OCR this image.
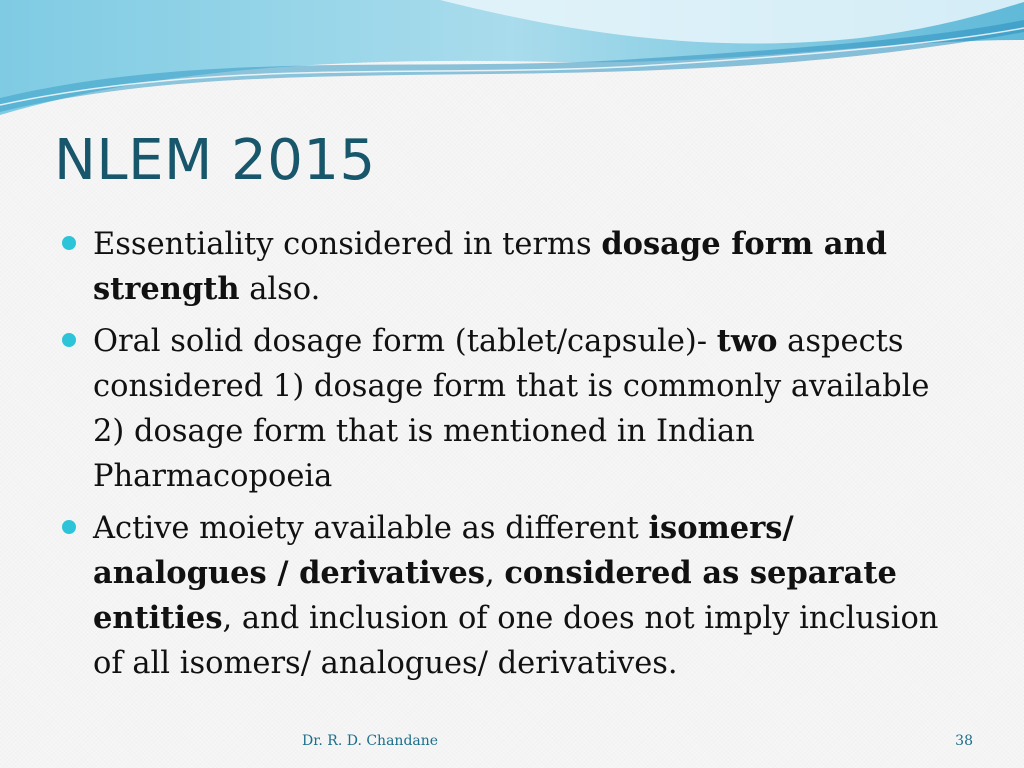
NLEM 2015
Essentiality considered in terms dosage form and strength also.
Oral solid dosage form (tablet/capsule)- two aspects considered 1) dosage form that is commonly available 2) dosage form that is mentioned in Indian Pharmacopoeia
Active moiety available as different isomers/ analogues / derivatives, considered as separate entities, and inclusion of one does not imply inclusion of all isomers/ analogues/ derivatives.
Dr. R. D. Chandane	38
